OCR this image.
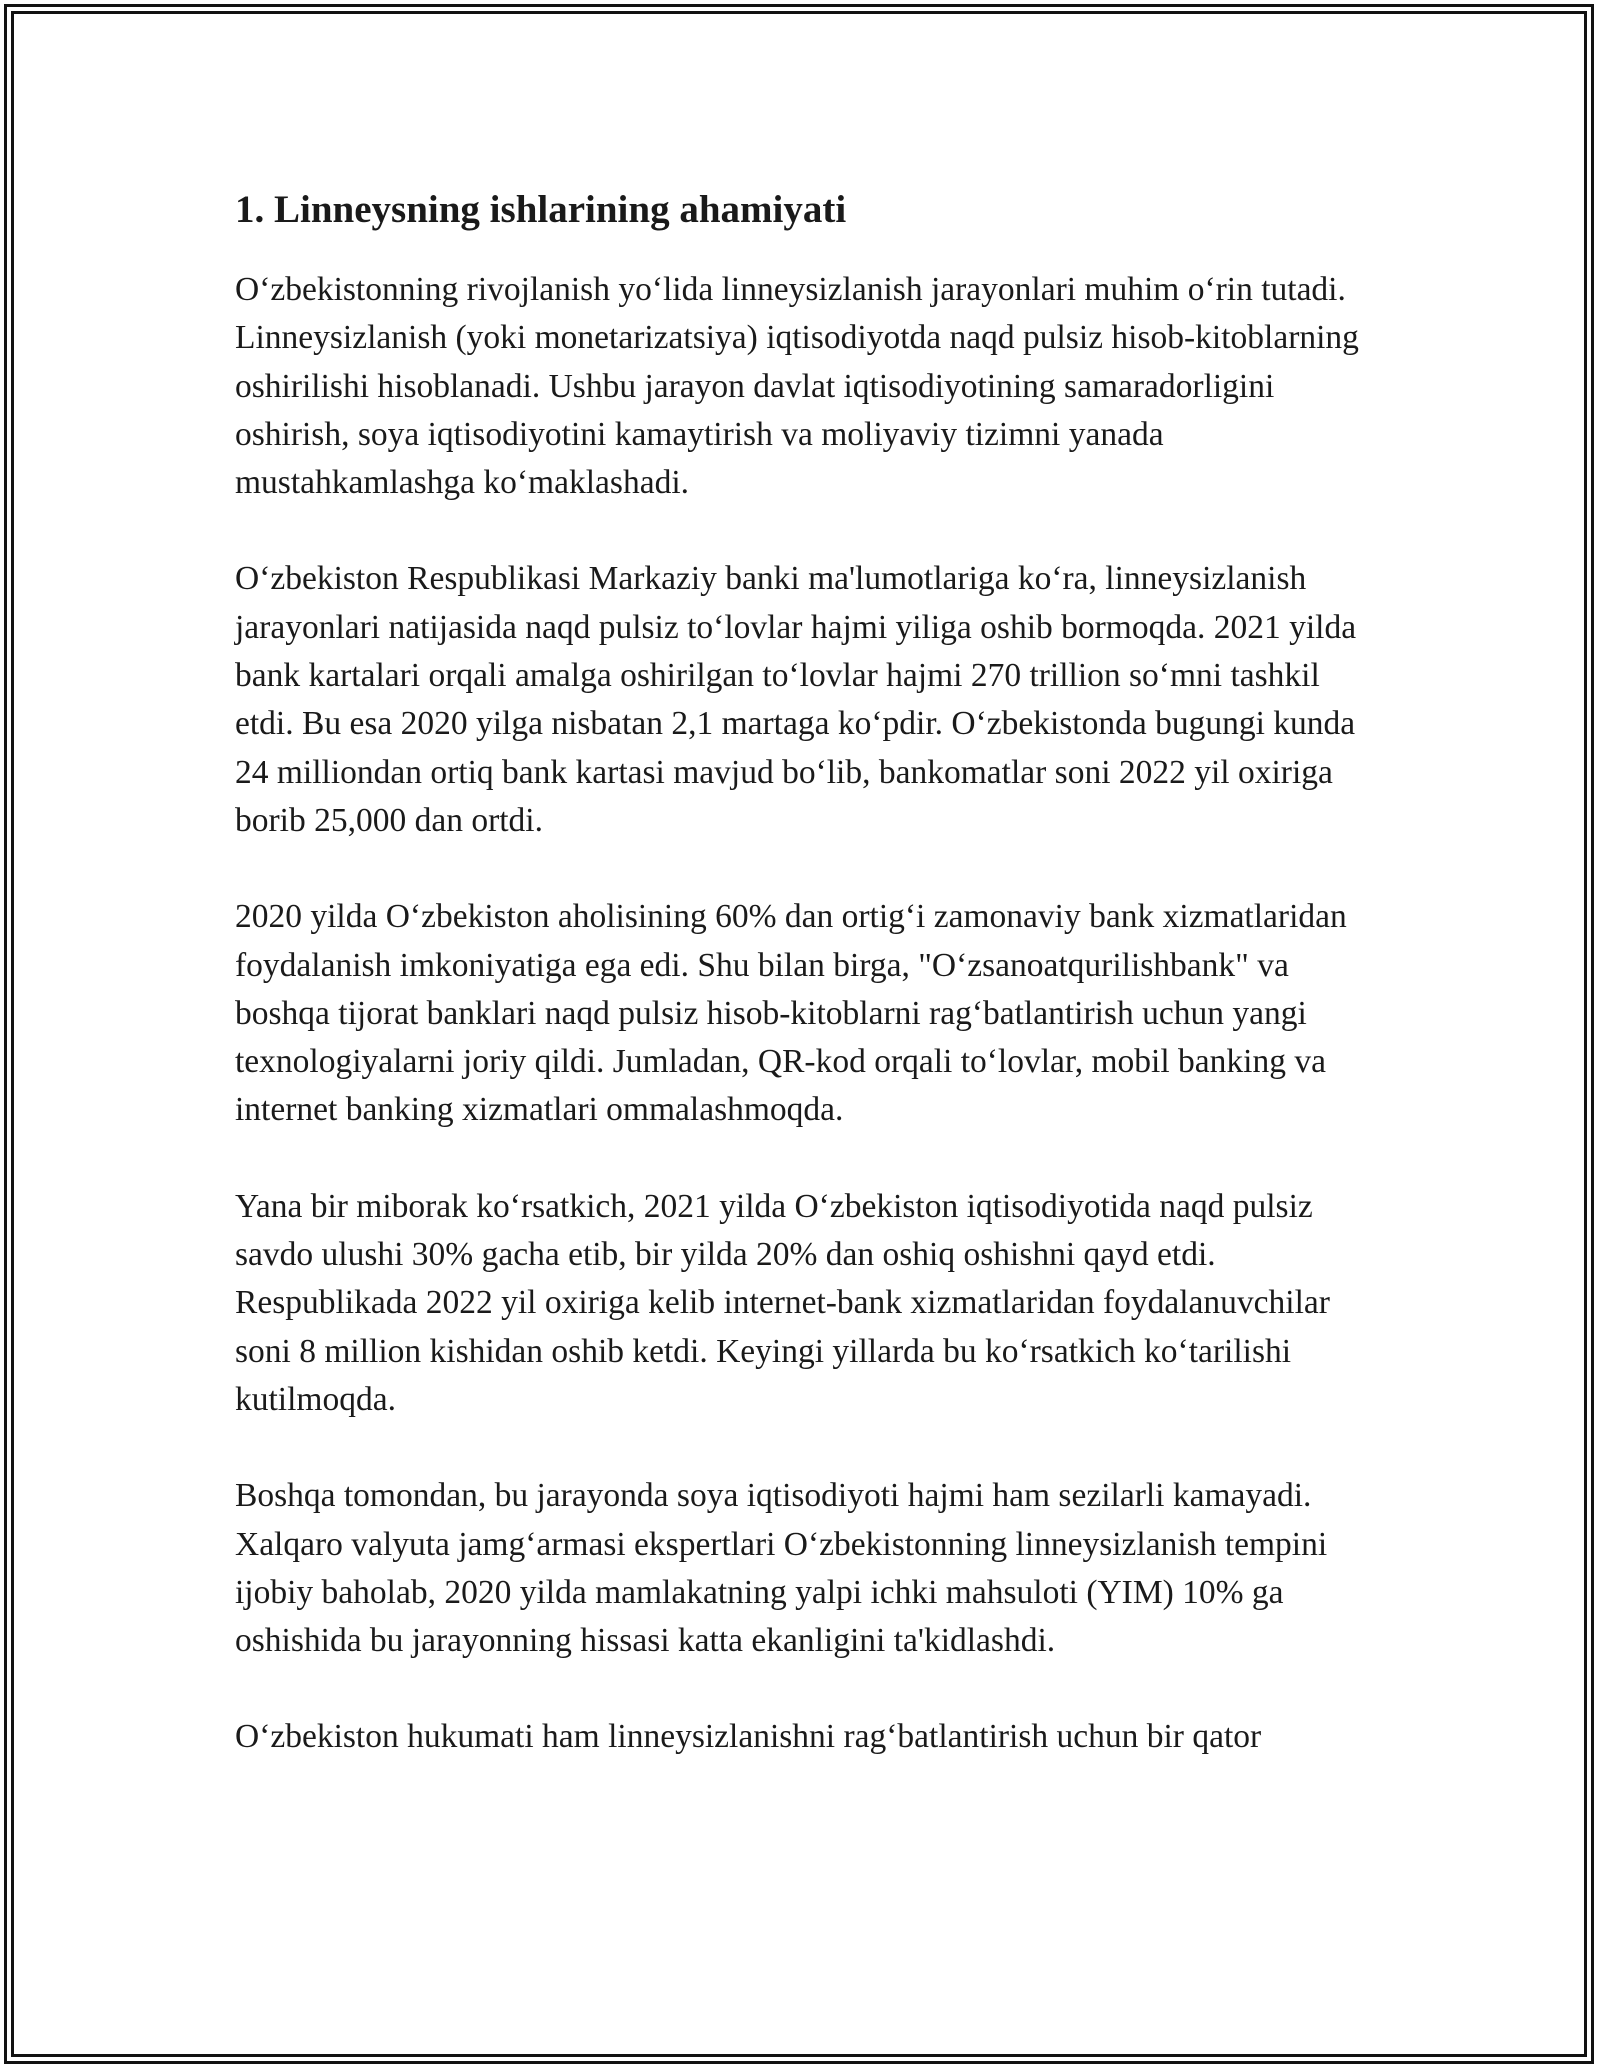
1. Linneysning ishlarining ahamiyati

O‘zbekistonning rivojlanish yo‘lida linneysizlanish jarayonlari muhim o‘rin tutadi. Linneysizlanish (yoki monetarizatsiya) iqtisodiyotda naqd pulsiz hisob-kitoblarning oshirilishi hisoblanadi. Ushbu jarayon davlat iqtisodiyotining samaradorligini oshirish, soya iqtisodiyotini kamaytirish va moliyaviy tizimni yanada mustahkamlashga ko‘maklashadi.

O‘zbekiston Respublikasi Markaziy banki ma'lumotlariga ko‘ra, linneysizlanish jarayonlari natijasida naqd pulsiz to‘lovlar hajmi yiliga oshib bormoqda. 2021 yilda bank kartalari orqali amalga oshirilgan to‘lovlar hajmi 270 trillion so‘mni tashkil etdi. Bu esa 2020 yilga nisbatan 2,1 martaga ko‘pdir. O‘zbekistonda bugungi kunda 24 milliondan ortiq bank kartasi mavjud bo‘lib, bankomatlar soni 2022 yil oxiriga borib 25,000 dan ortdi.

2020 yilda O‘zbekiston aholisining 60% dan ortig‘i zamonaviy bank xizmatlaridan foydalanish imkoniyatiga ega edi. Shu bilan birga, "O‘zsanoatqurilishbank" va boshqa tijorat banklari naqd pulsiz hisob-kitoblarni rag‘batlantirish uchun yangi texnologiyalarni joriy qildi. Jumladan, QR-kod orqali to‘lovlar, mobil banking va internet banking xizmatlari ommalashmoqda.

Yana bir miborak ko‘rsatkich, 2021 yilda O‘zbekiston iqtisodiyotida naqd pulsiz savdo ulushi 30% gacha etib, bir yilda 20% dan oshiq oshishni qayd etdi. Respublikada 2022 yil oxiriga kelib internet-bank xizmatlaridan foydalanuvchilar soni 8 million kishidan oshib ketdi. Keyingi yillarda bu ko‘rsatkich ko‘tarilishi kutilmoqda.

Boshqa tomondan, bu jarayonda soya iqtisodiyoti hajmi ham sezilarli kamayadi. Xalqaro valyuta jamg‘armasi ekspertlari O‘zbekistonning linneysizlanish tempini ijobiy baholab, 2020 yilda mamlakatning yalpi ichki mahsuloti (YIM) 10% ga oshishida bu jarayonning hissasi katta ekanligini ta'kidlashdi.

O‘zbekiston hukumati ham linneysizlanishni rag‘batlantirish uchun bir qator
